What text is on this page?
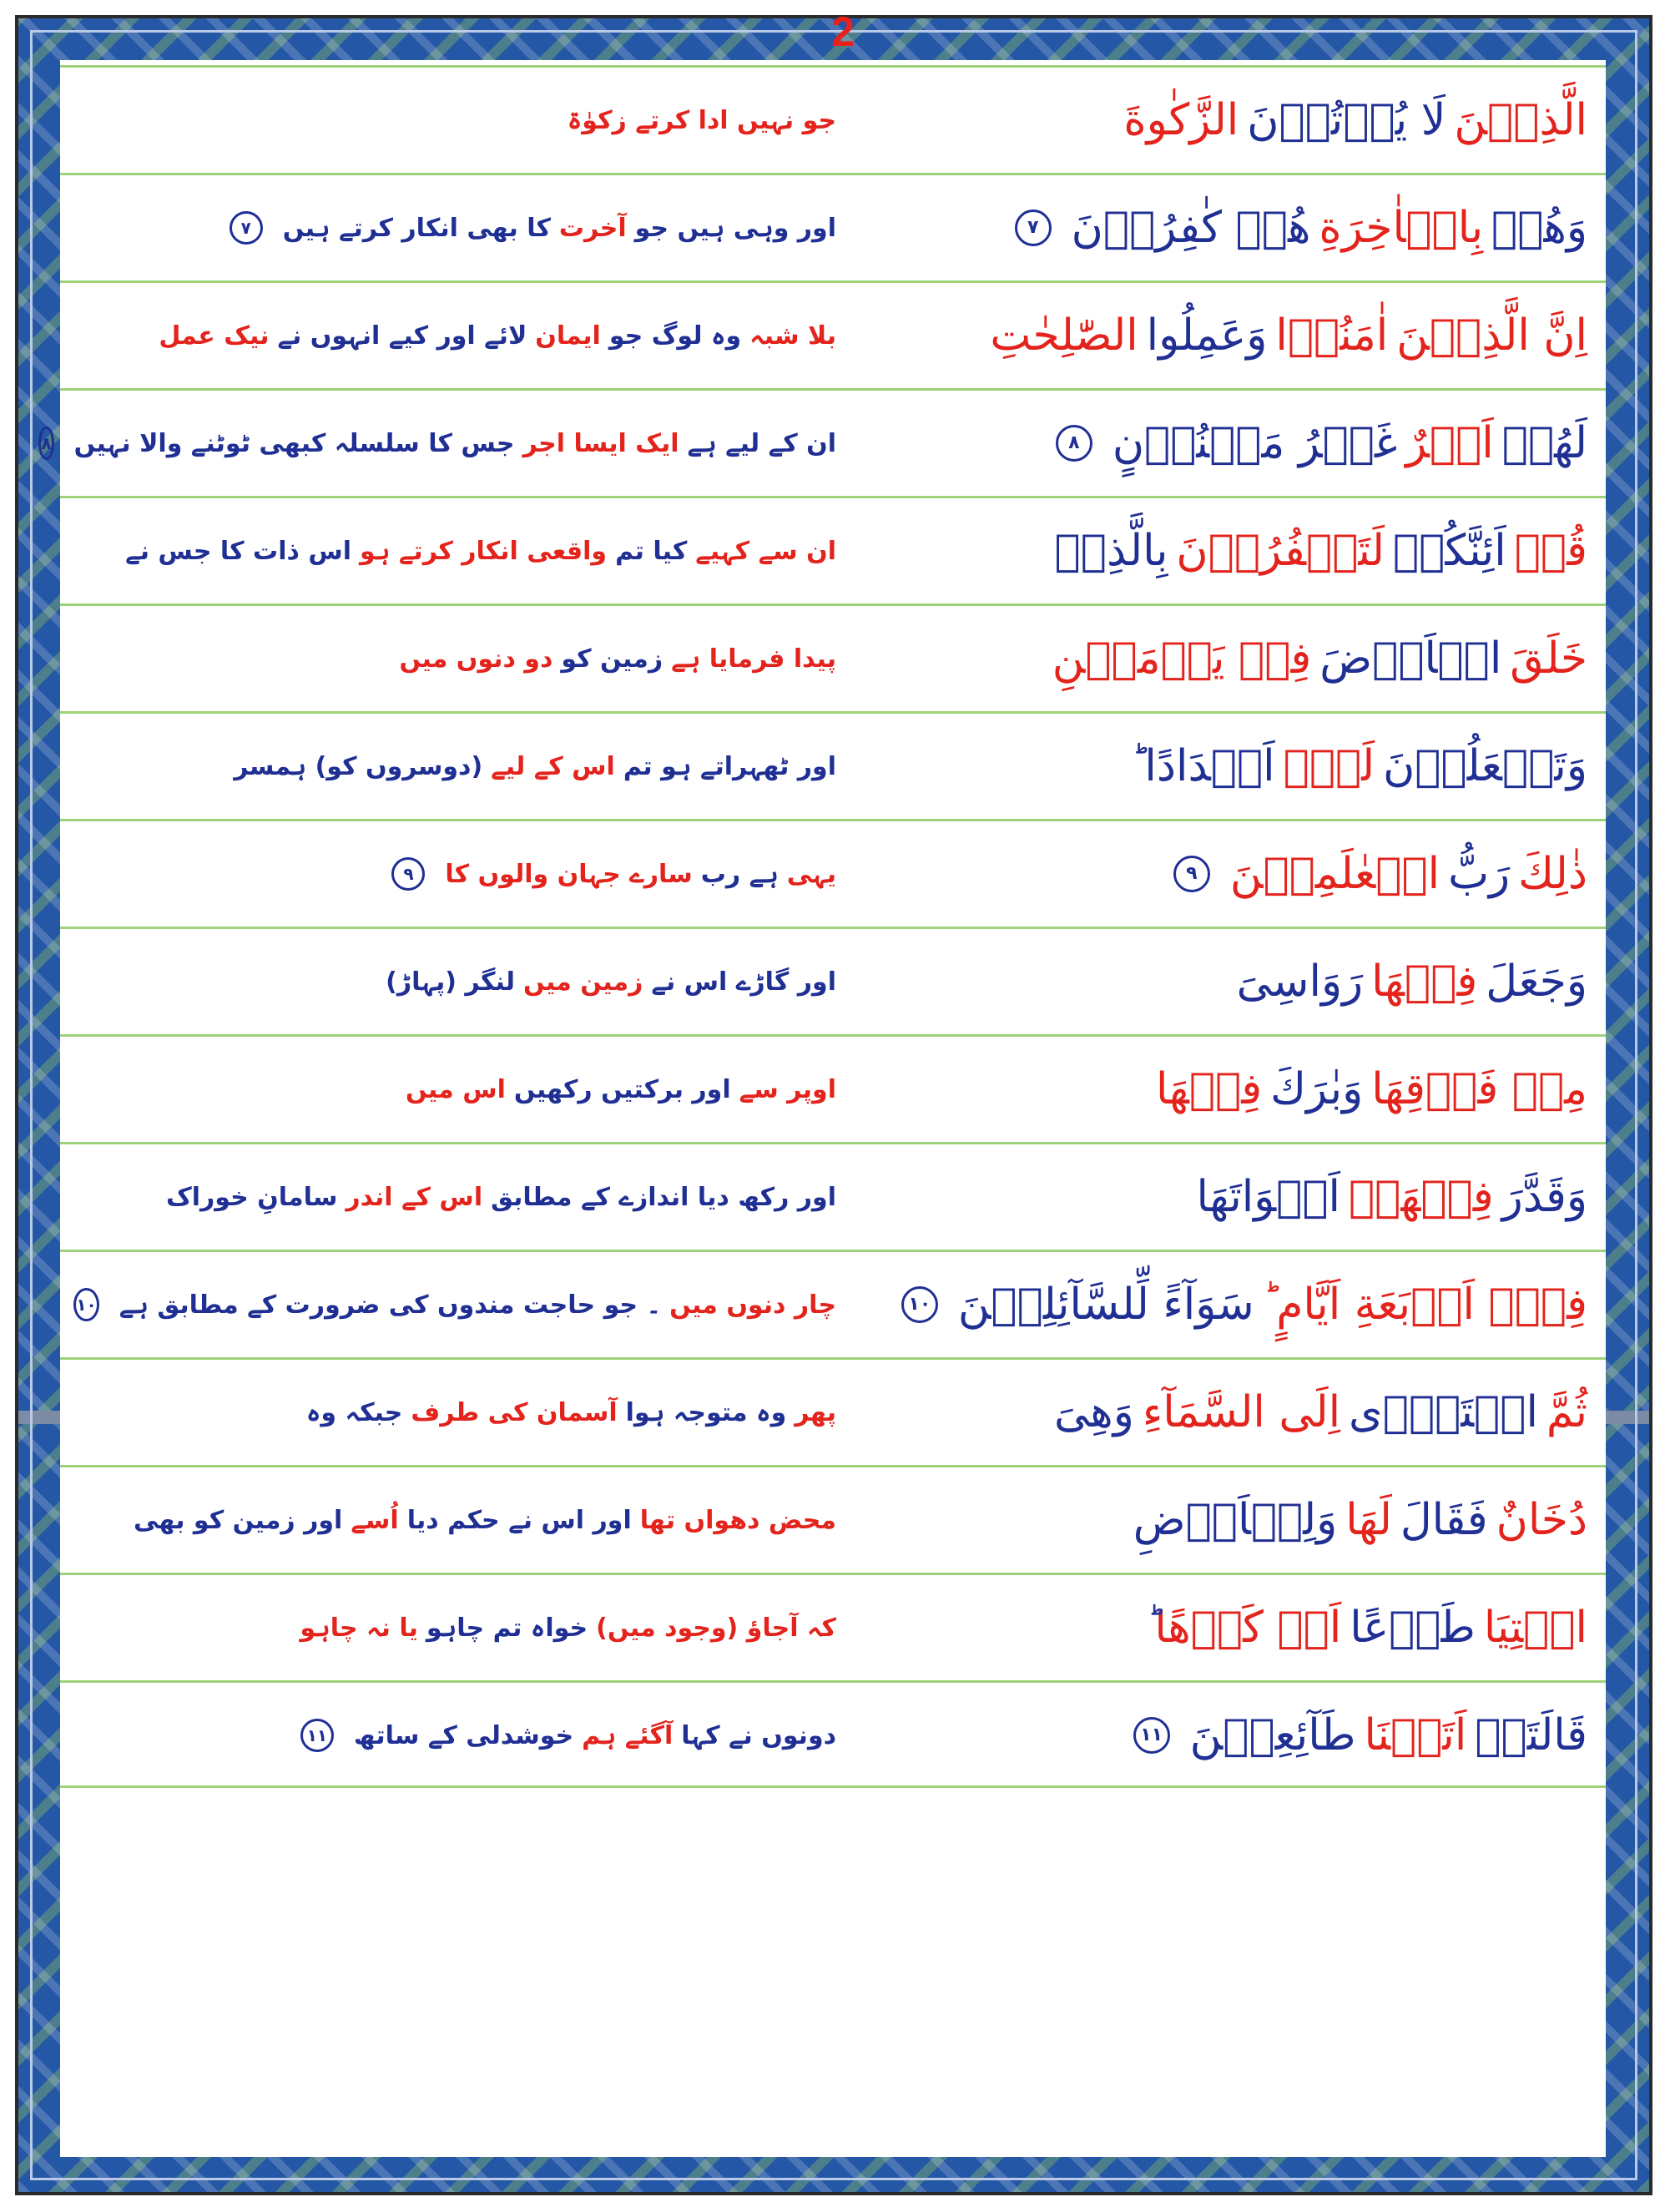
2
الَّذِيۡنَ
لَا يُؤۡتُوۡنَ
الزَّكٰوةَ
جو نہیں ادا کرتے زکوٰۃ
وَهُمۡ
بِالۡاٰخِرَةِ
هُمۡ كٰفِرُوۡنَ
٧
اور وہی ہیں جو
آخرت
کا بھی انکار کرتے ہیں
٧
اِنَّ الَّذِيۡنَ
اٰمَنُوۡا
وَعَمِلُوا
الصّٰلِحٰتِ
بلا شبہ
وہ لوگ جو
ایمان
لائے اور کیے انہوں نے
نیک عمل
لَهُمۡ
اَجۡرٌ
غَيۡرُ مَمۡنُوۡنٍ
٨
ان کے لیے ہے
ایک ایسا اجر
جس کا سلسلہ کبھی ٹوٹنے والا نہیں
٨
قُلۡ
اَئِنَّكُمۡ
لَتَكۡفُرُوۡنَ
بِالَّذِىۡ
ان سے کہیے
کیا تم
واقعی انکار کرتے ہو
اس ذات کا جس نے
خَلَقَ
الۡاَرۡضَ
فِىۡ يَوۡمَيۡنِ
پیدا فرمایا ہے
زمین کو
دو دنوں میں
وَتَجۡعَلُوۡنَ
لَهٗۤ
اَنۡدَادًا ؕ
اور ٹھہراتے ہو تم
اس کے لیے
(دوسروں کو) ہمسر
ذٰلِكَ
رَبُّ
الۡعٰلَمِيۡنَ
٩
یہی
ہے رب
سارے جہان والوں کا
٩
وَجَعَلَ
فِيۡهَا
رَوَاسِىَ
اور گاڑے اس نے
زمین میں
لنگر (پہاڑ)
مِنۡ فَوۡقِهَا
وَبٰرَكَ
فِيۡهَا
اوپر سے
اور برکتیں رکھیں
اس میں
وَقَدَّرَ
فِيۡهَاۤ
اَقۡوَاتَهَا
اور رکھ دیا اندازے کے مطابق
اس کے اندر
سامانِ خوراک
فِىۡۤ اَرۡبَعَةِ اَيَّامٍ ؕ
سَوَآءً لِّلسَّآئِلِيۡنَ
١٠
چار دنوں میں
۔ جو حاجت مندوں کی ضرورت کے مطابق ہے
١٠
ثُمَّ
اسۡتَوٰۤى
اِلَى السَّمَآءِ
وَهِىَ
پھر
وہ متوجہ ہوا
آسمان کی طرف
جبکہ وہ
دُخَانٌ
فَقَالَ
لَهَا
وَلِلۡاَرۡضِ
محض دھواں تھا
اور اس نے حکم دیا
اُسے
اور زمین کو بھی
ائۡتِيَا
طَوۡعًا
اَوۡ كَرۡهًا
کہ آجاؤ (وجود میں)
خواہ تم چاہو
یا نہ چاہو
قَالَتَاۤ
اَتَيۡنَا
طَآئِعِيۡنَ
١١
دونوں نے کہا
آگئے ہم
خوشدلی کے ساتھ
١١
